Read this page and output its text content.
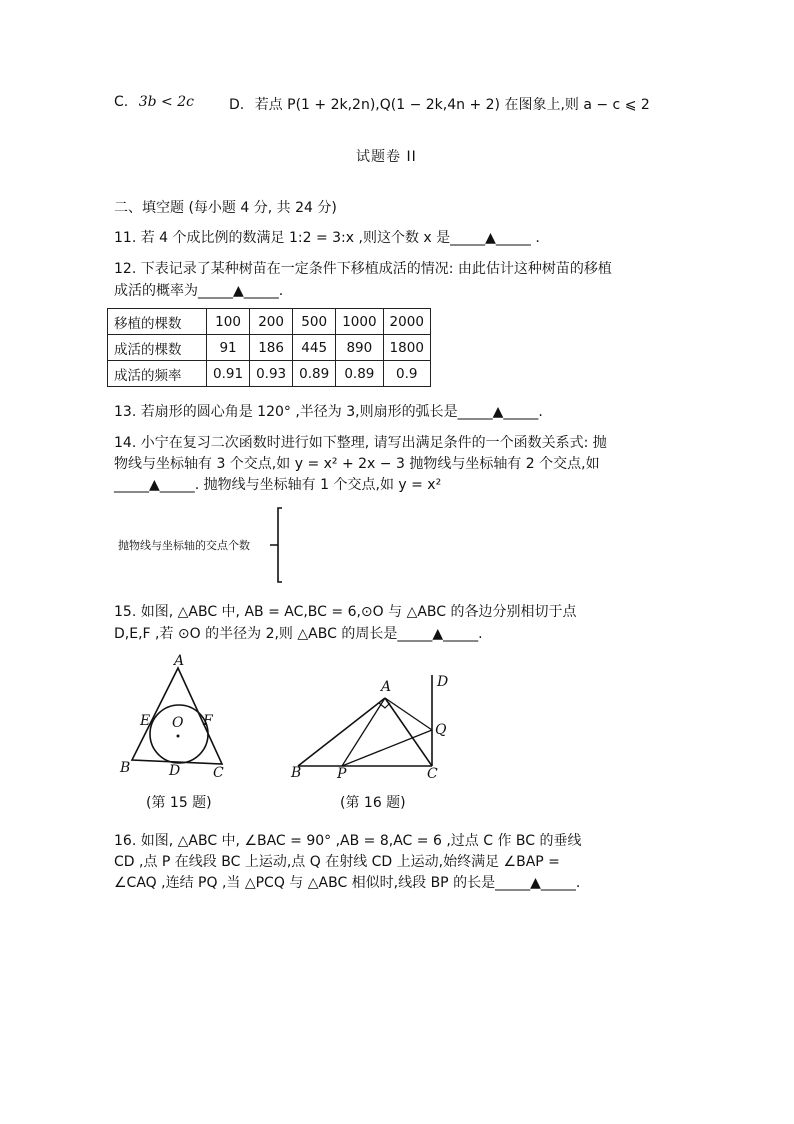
C. 3b < 2c	D. 若点 P(1 + 2k,2n),Q(1 − 2k,4n + 2) 在图象上,则 a − c ⩽ 2
试题卷 II
二、填空题 (每小题 4 分, 共 24 分)
11. 若 4 个成比例的数满足 1:2 = 3:x ,则这个数 x 是_____▲_____ .
12. 下表记录了某种树苗在一定条件下移植成活的情况: 由此估计这种树苗的移植
成活的概率为_____▲_____.
移植的棵数	100	200	500	1000	2000
成活的棵数	91	186	445	890	1800
成活的频率	0.91	0.93	0.89	0.89	0.9
13. 若扇形的圆心角是 120° ,半径为 3,则扇形的弧长是_____▲_____.
14. 小宁在复习二次函数时进行如下整理, 请写出满足条件的一个函数关系式: 抛
物线与坐标轴有 3 个交点,如 y = x² + 2x − 3 抛物线与坐标轴有 2 个交点,如
_____▲_____. 抛物线与坐标轴有 1 个交点,如 y = x²
抛物线与坐标轴的交点个数
15. 如图, △ABC 中, AB = AC,BC = 6,⊙O 与 △ABC 的各边分别相切于点
D,E,F ,若 ⊙O 的半径为 2,则 △ABC 的周长是_____▲_____.
A
B	C
D
E	F
O
(第 15 题)
A
B	C
D
P
Q
(第 16 题)
16. 如图, △ABC 中, ∠BAC = 90° ,AB = 8,AC = 6 ,过点 C 作 BC 的垂线
CD ,点 P 在线段 BC 上运动,点 Q 在射线 CD 上运动,始终满足 ∠BAP =
∠CAQ ,连结 PQ ,当 △PCQ 与 △ABC 相似时,线段 BP 的长是_____▲_____.
